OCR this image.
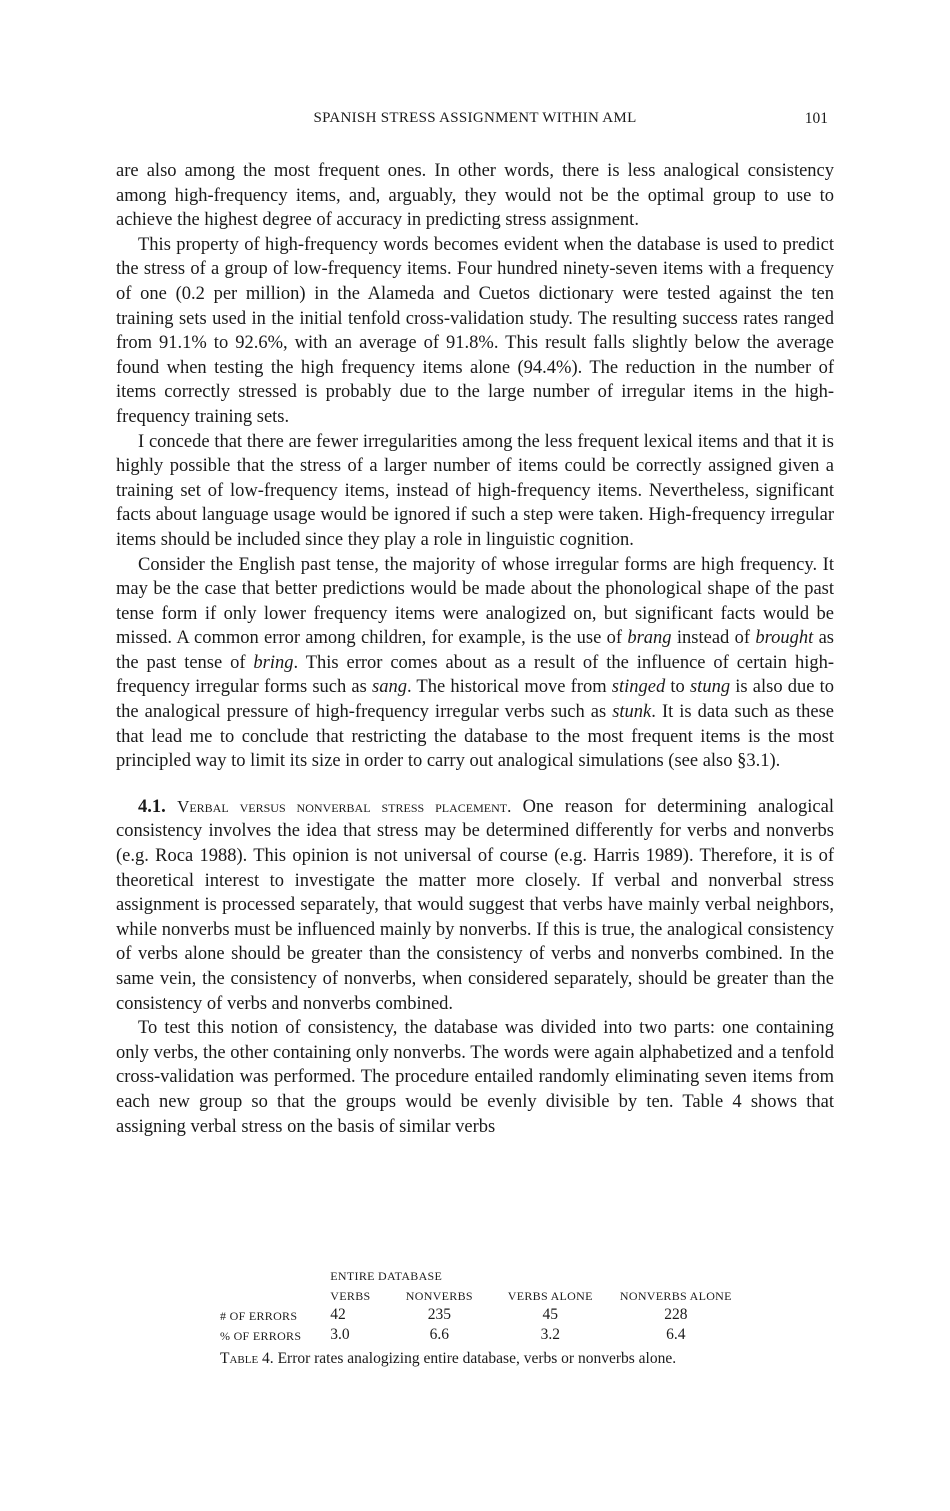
SPANISH STRESS ASSIGNMENT WITHIN AML	101

are also among the most frequent ones. In other words, there is less analogical consistency among high-frequency items, and, arguably, they would not be the optimal group to use to achieve the highest degree of accuracy in predicting stress assignment.

This property of high-frequency words becomes evident when the database is used to predict the stress of a group of low-frequency items. Four hundred ninety-seven items with a frequency of one (0.2 per million) in the Alameda and Cuetos dictionary were tested against the ten training sets used in the initial tenfold cross-validation study. The resulting success rates ranged from 91.1% to 92.6%, with an average of 91.8%. This result falls slightly below the average found when testing the high frequency items alone (94.4%). The reduction in the number of items correctly stressed is probably due to the large number of irregular items in the high-frequency training sets.

I concede that there are fewer irregularities among the less frequent lexical items and that it is highly possible that the stress of a larger number of items could be correctly assigned given a training set of low-frequency items, instead of high-frequency items. Nevertheless, significant facts about language usage would be ignored if such a step were taken. High-frequency irregular items should be included since they play a role in linguistic cognition.

Consider the English past tense, the majority of whose irregular forms are high frequency. It may be the case that better predictions would be made about the phonological shape of the past tense form if only lower frequency items were analogized on, but significant facts would be missed. A common error among children, for example, is the use of brang instead of brought as the past tense of bring. This error comes about as a result of the influence of certain high-frequency irregular forms such as sang. The historical move from stinged to stung is also due to the analogical pressure of high-frequency irregular verbs such as stunk. It is data such as these that lead me to conclude that restricting the database to the most frequent items is the most principled way to limit its size in order to carry out analogical simulations (see also §3.1).

4.1. Verbal versus nonverbal stress placement. One reason for determining analogical consistency involves the idea that stress may be determined differently for verbs and nonverbs (e.g. Roca 1988). This opinion is not universal of course (e.g. Harris 1989). Therefore, it is of theoretical interest to investigate the matter more closely. If verbal and nonverbal stress assignment is processed separately, that would suggest that verbs have mainly verbal neighbors, while nonverbs must be influenced mainly by nonverbs. If this is true, the analogical consistency of verbs alone should be greater than the consistency of verbs and nonverbs combined. In the same vein, the consistency of nonverbs, when considered separately, should be greater than the consistency of verbs and nonverbs combined.

To test this notion of consistency, the database was divided into two parts: one containing only verbs, the other containing only nonverbs. The words were again alphabetized and a tenfold cross-validation was performed. The procedure entailed randomly eliminating seven items from each new group so that the groups would be evenly divisible by ten. Table 4 shows that assigning verbal stress on the basis of similar verbs

	ENTIRE DATABASE			
	VERBS	NONVERBS	VERBS ALONE	NONVERBS ALONE
# OF ERRORS	42	235	45	228
% OF ERRORS	3.0	6.6	3.2	6.4
Table 4. Error rates analogizing entire database, verbs or nonverbs alone.
